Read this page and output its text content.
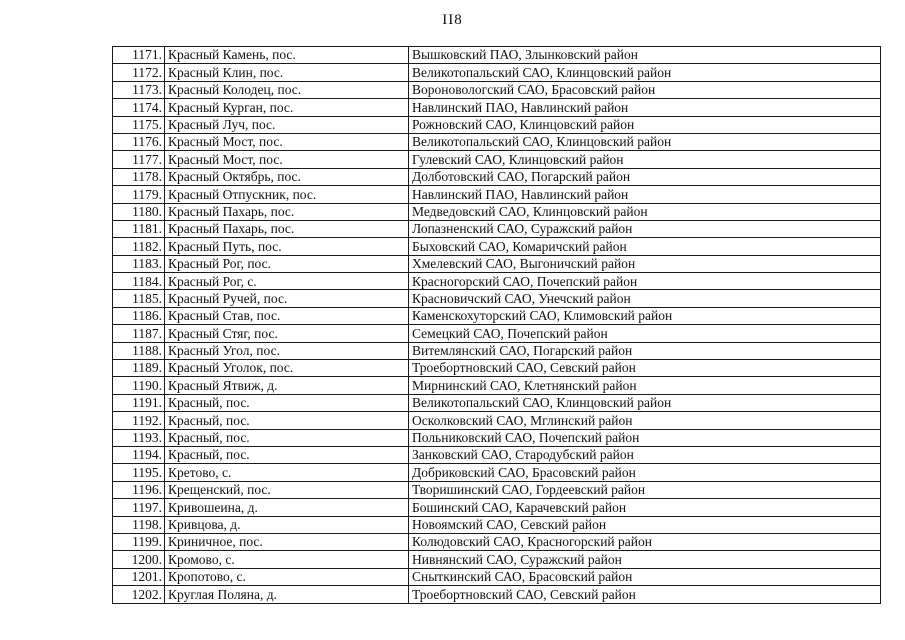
II8
1171.	Красный Камень, пос.	Вышковский ПАО, Злынковский район
1172.	Красный Клин, пос.	Великотопальский САО, Клинцовский район
1173.	Красный Колодец, пос.	Вороновологский САО, Брасовский район
1174.	Красный Курган, пос.	Навлинский ПАО, Навлинский район
1175.	Красный Луч, пос.	Рожновский САО, Клинцовский район
1176.	Красный Мост, пос.	Великотопальский САО, Клинцовский район
1177.	Красный Мост, пос.	Гулевский САО, Клинцовский район
1178.	Красный Октябрь, пос.	Долботовский САО, Погарский район
1179.	Красный Отпускник, пос.	Навлинский ПАО, Навлинский район
1180.	Красный Пахарь, пос.	Медведовский САО, Клинцовский район
1181.	Красный Пахарь, пос.	Лопазненский САО, Суражский район
1182.	Красный Путь, пос.	Быховский САО, Комаричский район
1183.	Красный Рог, пос.	Хмелевский САО, Выгоничский район
1184.	Красный Рог, с.	Красногорский САО, Почепский район
1185.	Красный Ручей, пос.	Красновичский САО, Унечский район
1186.	Красный Став, пос.	Каменскохуторский САО, Климовский район
1187.	Красный Стяг, пос.	Семецкий САО, Почепский район
1188.	Красный Угол, пос.	Витемлянский САО, Погарский район
1189.	Красный Уголок, пос.	Троебортновский САО, Севский район
1190.	Красный Ятвиж, д.	Мирнинский САО, Клетнянский район
1191.	Красный, пос.	Великотопальский САО, Клинцовский район
1192.	Красный, пос.	Осколковский САО, Мглинский район
1193.	Красный, пос.	Польниковский САО, Почепский район
1194.	Красный, пос.	Занковский САО, Стародубский район
1195.	Кретово, с.	Добриковский САО, Брасовский район
1196.	Крещенский, пос.	Творишинский САО, Гордеевский район
1197.	Кривошеина, д.	Бошинский САО, Карачевский район
1198.	Кривцова, д.	Новоямский САО, Севский район
1199.	Криничное, пос.	Колюдовский САО, Красногорский район
1200.	Кромово, с.	Нивнянский САО, Суражский район
1201.	Кропотово, с.	Сныткинский САО, Брасовский район
1202.	Круглая Поляна, д.	Троебортновский САО, Севский район
